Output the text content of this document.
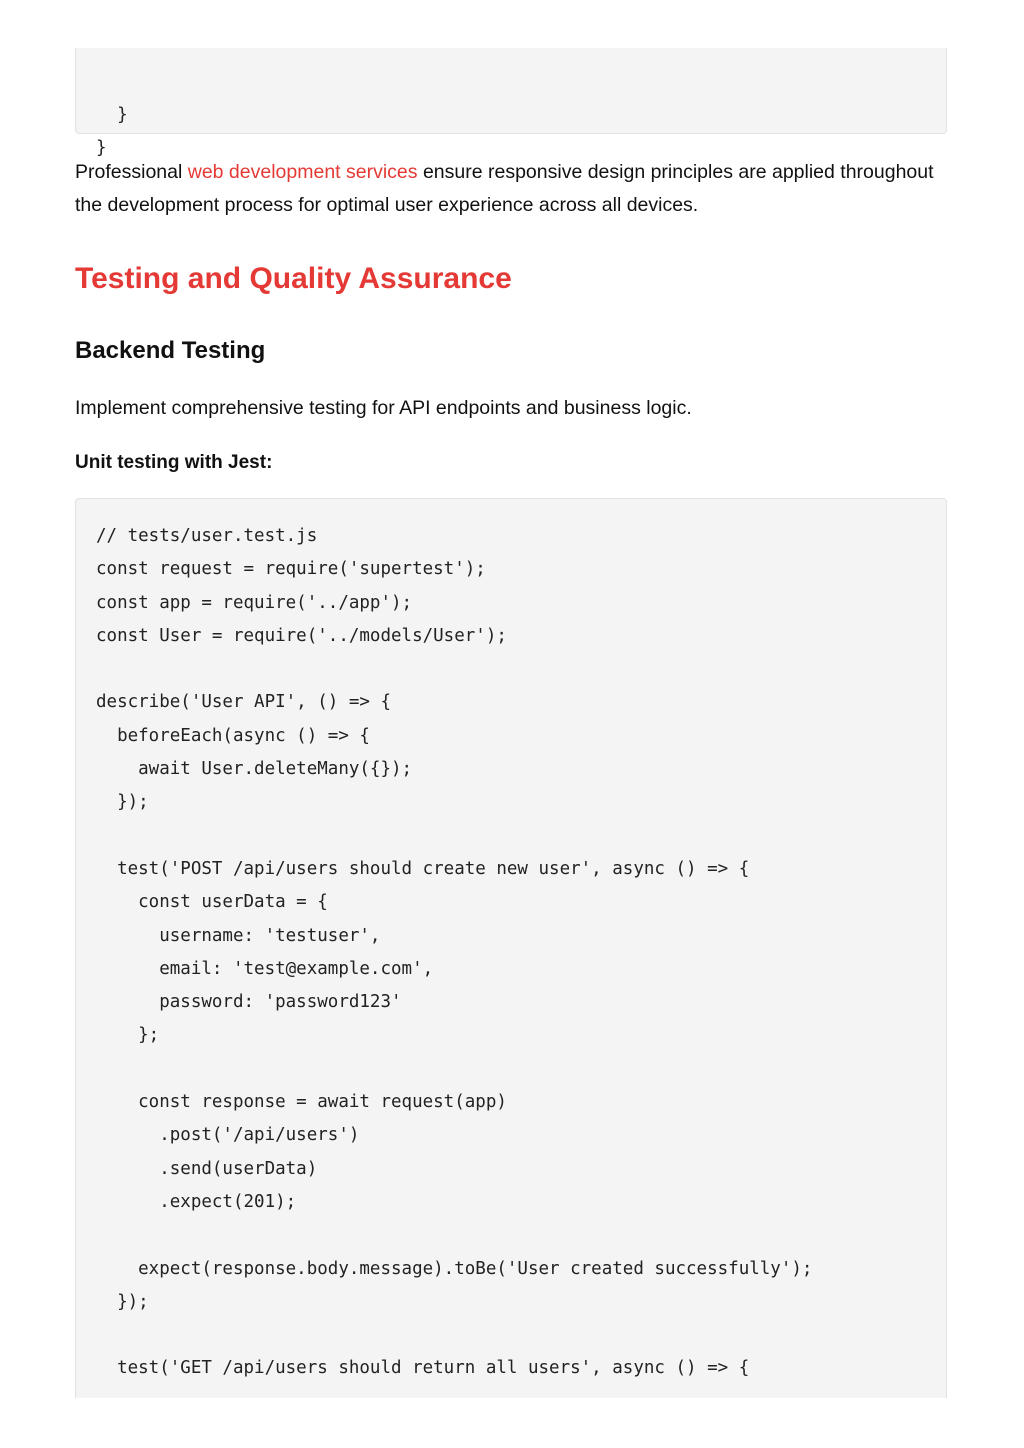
}
}

Professional web development services ensure responsive design principles are applied throughout the development process for optimal user experience across all devices.

Testing and Quality Assurance
Backend Testing

Implement comprehensive testing for API endpoints and business logic.

Unit testing with Jest:

// tests/user.test.js
const request = require('supertest');
const app = require('../app');
const User = require('../models/User');

describe('User API', () => {
beforeEach(async () => {
await User.deleteMany({});
});

test('POST /api/users should create new user', async () => {
const userData = {
username: 'testuser',
email: 'test@example.com',
password: 'password123'
};

const response = await request(app)
.post('/api/users')
.send(userData)
.expect(201);

expect(response.body.message).toBe('User created successfully');
});

test('GET /api/users should return all users', async () => {
